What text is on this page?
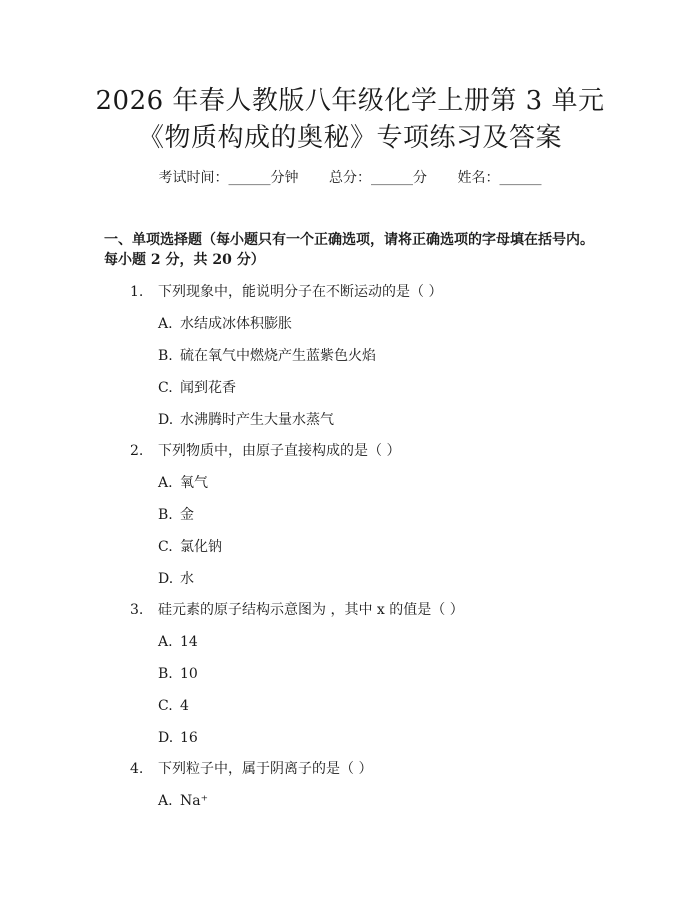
2026 年春人教版八年级化学上册第 3 单元
《物质构成的奥秘》专项练习及答案
考试时间：______分钟 总分：______分 姓名：______
一、单项选择题（每小题只有一个正确选项，请将正确选项的字母填在括号内。
每小题 2 分，共 20 分）
1. 下列现象中，能说明分子在不断运动的是（ ）
A. 水结成冰体积膨胀
B. 硫在氧气中燃烧产生蓝紫色火焰
C. 闻到花香
D. 水沸腾时产生大量水蒸气
2. 下列物质中，由原子直接构成的是（ ）
A. 氧气
B. 金
C. 氯化钠
D. 水
3. 硅元素的原子结构示意图为 ，其中 x 的值是（ ）
A. 14
B. 10
C. 4
D. 16
4. 下列粒子中，属于阴离子的是（ ）
A. Na⁺
